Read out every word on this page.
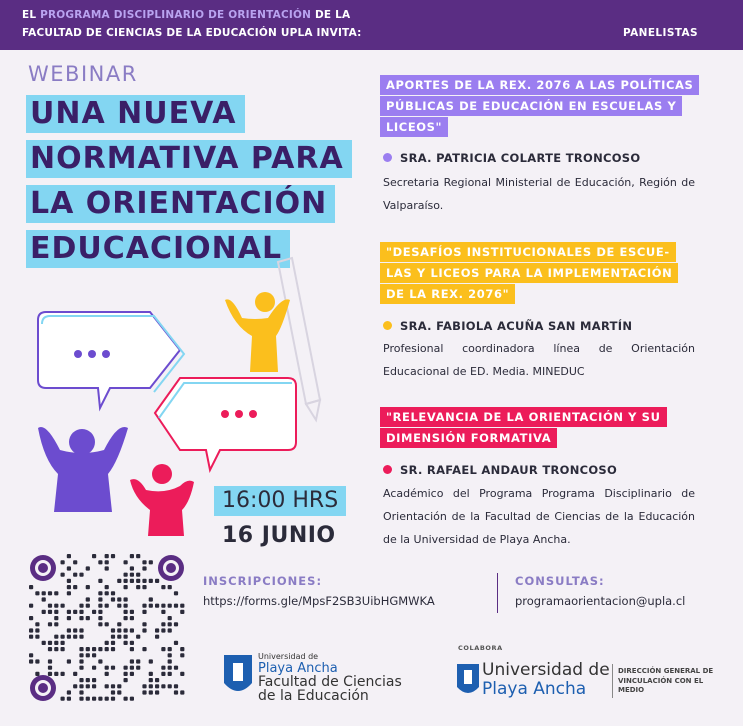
EL PROGRAMA DISCIPLINARIO DE ORIENTACIÓN DE LA FACULTAD DE CIENCIAS DE LA EDUCACIÓN UPLA INVITA:	PANELISTAS
WEBINAR
UNA NUEVA
NORMATIVA PARA
LA ORIENTACIÓN
EDUCACIONAL
16:00 HRS
16 JUNIO
APORTES DE LA REX. 2076 A LAS POLÍTICAS
PÚBLICAS DE EDUCACIÓN EN ESCUELAS Y
LICEOS"
SRA. PATRICIA COLARTE TRONCOSO
Secretaria Regional Ministerial de Educación, Región de Valparaíso.
"DESAFÍOS INSTITUCIONALES DE ESCUE-
LAS Y LICEOS PARA LA IMPLEMENTACIÓN
DE LA REX. 2076"
SRA. FABIOLA ACUÑA SAN MARTÍN
Profesional coordinadora línea de Orientación Educacional de ED. Media. MINEDUC
"RELEVANCIA DE LA ORIENTACIÓN Y SU
DIMENSIÓN FORMATIVA
SR. RAFAEL ANDAUR TRONCOSO
Académico del Programa Programa Disciplinario de Orientación de la Facultad de Ciencias de la Educación de la Universidad de Playa Ancha.
INSCRIPCIONES:
https://forms.gle/MpsF2SB3UibHGMWKA
CONSULTAS:
programaorientacion@upla.cl
Universidad de
Playa Ancha
Facultad de Ciencias de la Educación
COLABORA
Universidad de
Playa Ancha
DIRECCIÓN GENERAL DE VINCULACIÓN CON EL MEDIO
